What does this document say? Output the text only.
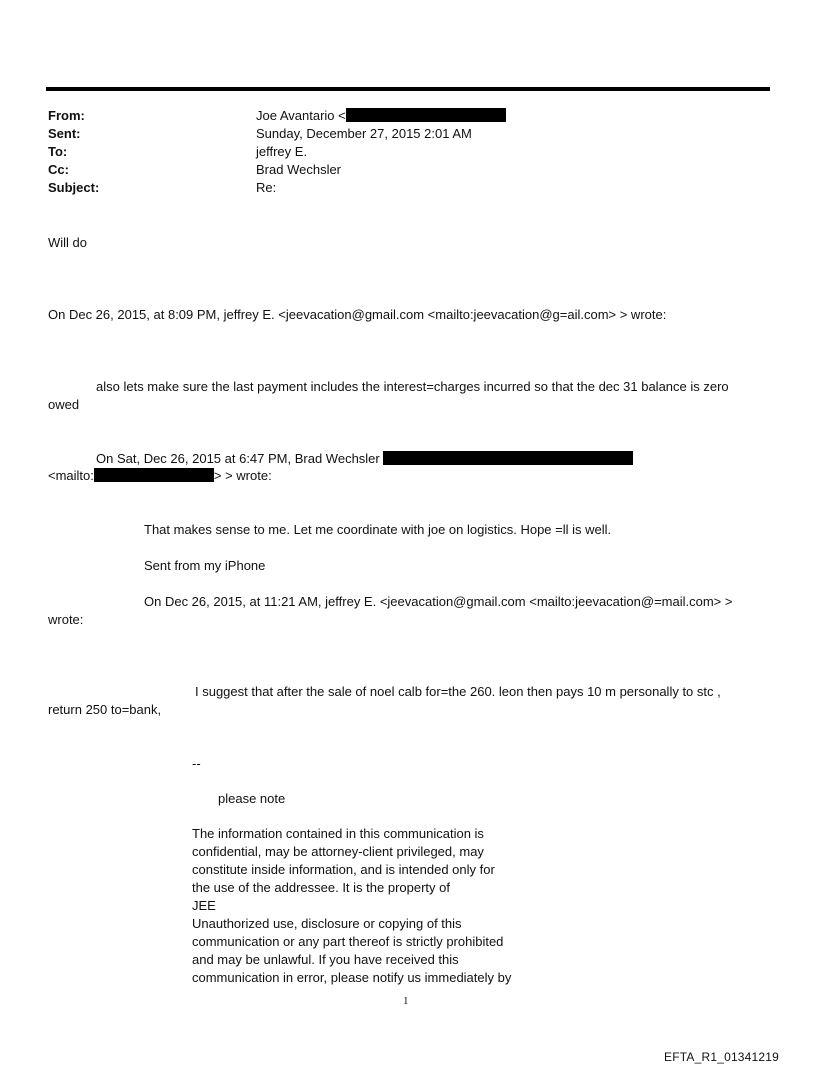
From:	Joe Avantario <
Sent:	Sunday, December 27, 2015 2:01 AM
To:	jeffrey E.
Cc:	Brad Wechsler
Subject:	Re:
Will do
On Dec 26, 2015, at 8:09 PM, jeffrey E. <jeevacation@gmail.com <mailto:jeevacation@g=ail.com> > wrote:
also lets make sure the last payment includes the interest=charges incurred so that the dec 31 balance is zero
owed
On Sat, Dec 26, 2015 at 6:47 PM, Brad Wechsler
<mailto:	> > wrote:
That makes sense to me. Let me coordinate with joe on logistics. Hope =ll is well.
Sent from my iPhone
On Dec 26, 2015, at 11:21 AM, jeffrey E. <jeevacation@gmail.com <mailto:jeevacation@=mail.com> >
wrote:
I suggest that after the sale of noel calb for=the 260. leon then pays 10 m personally to stc ,
return 250 to=bank,
--
please note
The information contained in this communication is
confidential, may be attorney-client privileged, may
constitute inside information, and is intended only for
the use of the addressee. It is the property of
JEE
Unauthorized use, disclosure or copying of this
communication or any part thereof is strictly prohibited
and may be unlawful. If you have received this
communication in error, please notify us immediately by
1
EFTA_R1_01341219
